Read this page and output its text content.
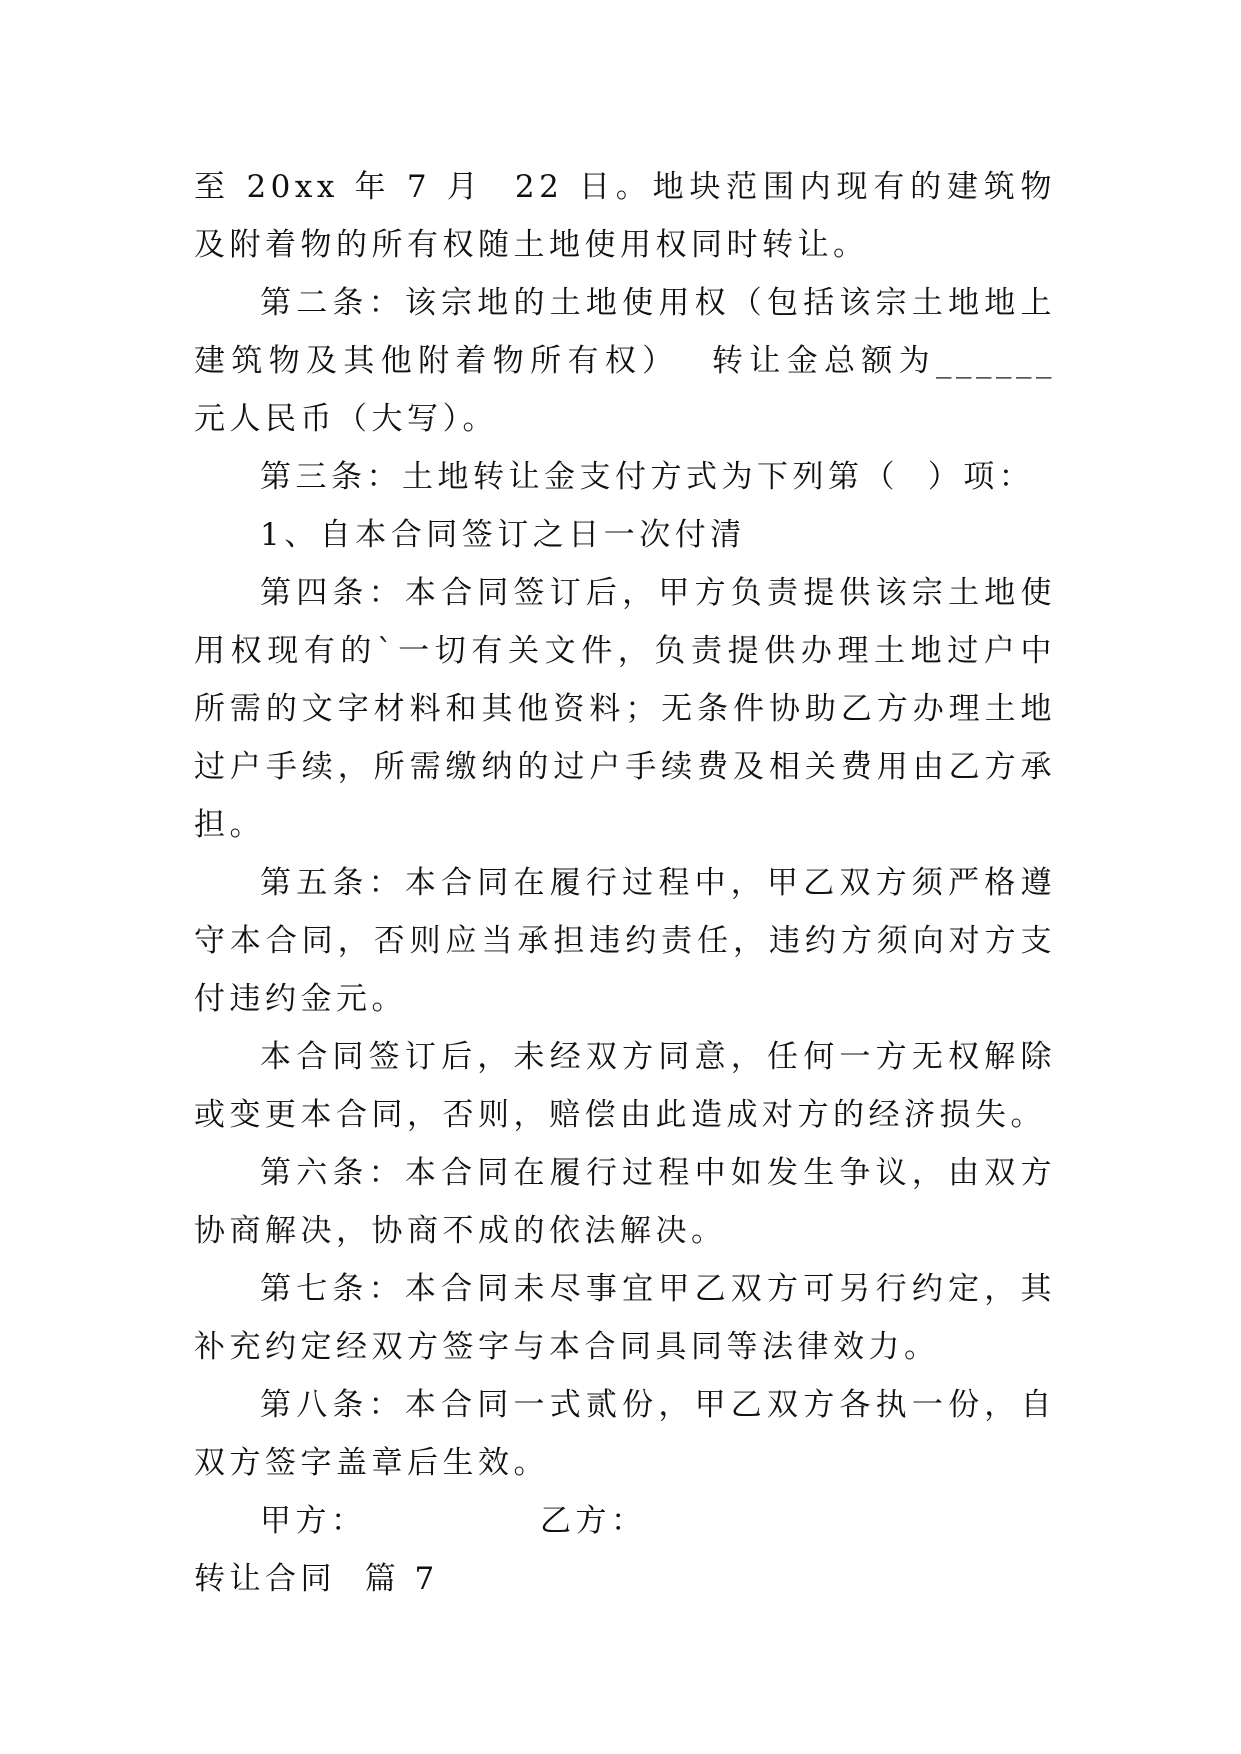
至 20xx 年 7 月  22 日。地块范围内现有的建筑物及附着物的所有权随土地使用权同时转让。

第二条：该宗地的土地使用权（包括该宗土地地上建筑物及其他附着物所有权）  转让金总额为______  元人民币（大写）。

第三条：土地转让金支付方式为下列第（  ）项：

1、自本合同签订之日一次付清

第四条：本合同签订后，甲方负责提供该宗土地使用权现有的`一切有关文件，负责提供办理土地过户中所需的文字材料和其他资料；无条件协助乙方办理土地过户手续，所需缴纳的过户手续费及相关费用由乙方承担。

第五条：本合同在履行过程中，甲乙双方须严格遵守本合同，否则应当承担违约责任，违约方须向对方支付违约金元。

本合同签订后，未经双方同意，任何一方无权解除或变更本合同，否则，赔偿由此造成对方的经济损失。

第六条：本合同在履行过程中如发生争议，由双方协商解决，协商不成的依法解决。

第七条：本合同未尽事宜甲乙双方可另行约定，其补充约定经双方签字与本合同具同等法律效力。

第八条：本合同一式贰份，甲乙双方各执一份，自双方签字盖章后生效。

甲方：	乙方：

转让合同  篇 7
